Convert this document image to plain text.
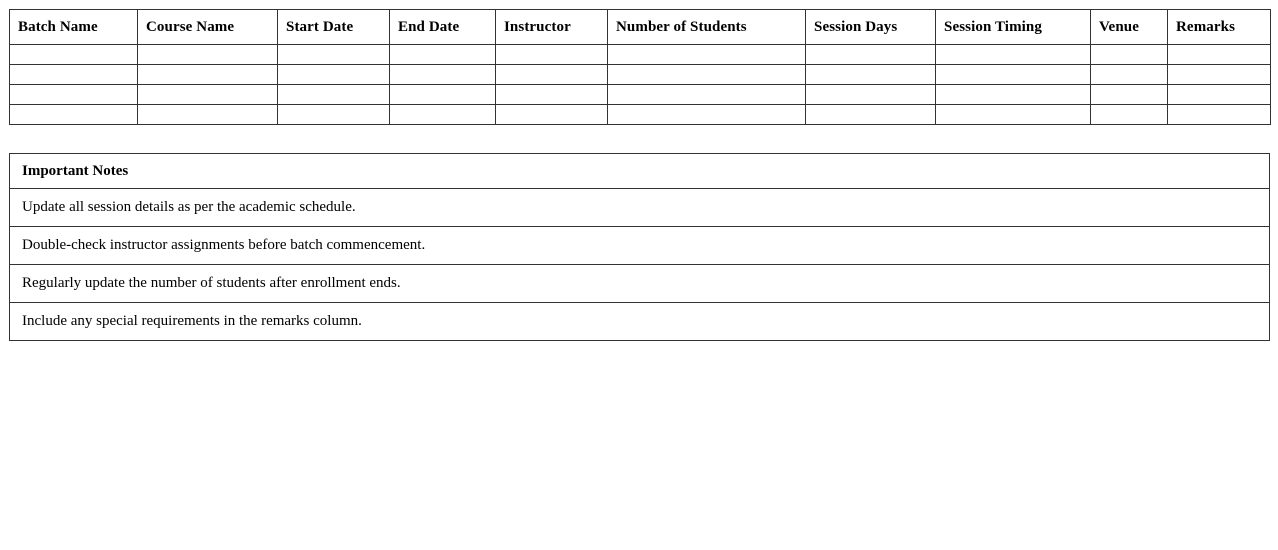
Batch Name	Course Name	Start Date	End Date	Instructor	Number of Students	Session Days	Session Timing	Venue	Remarks

Important Notes
Update all session details as per the academic schedule.
Double-check instructor assignments before batch commencement.
Regularly update the number of students after enrollment ends.
Include any special requirements in the remarks column.
